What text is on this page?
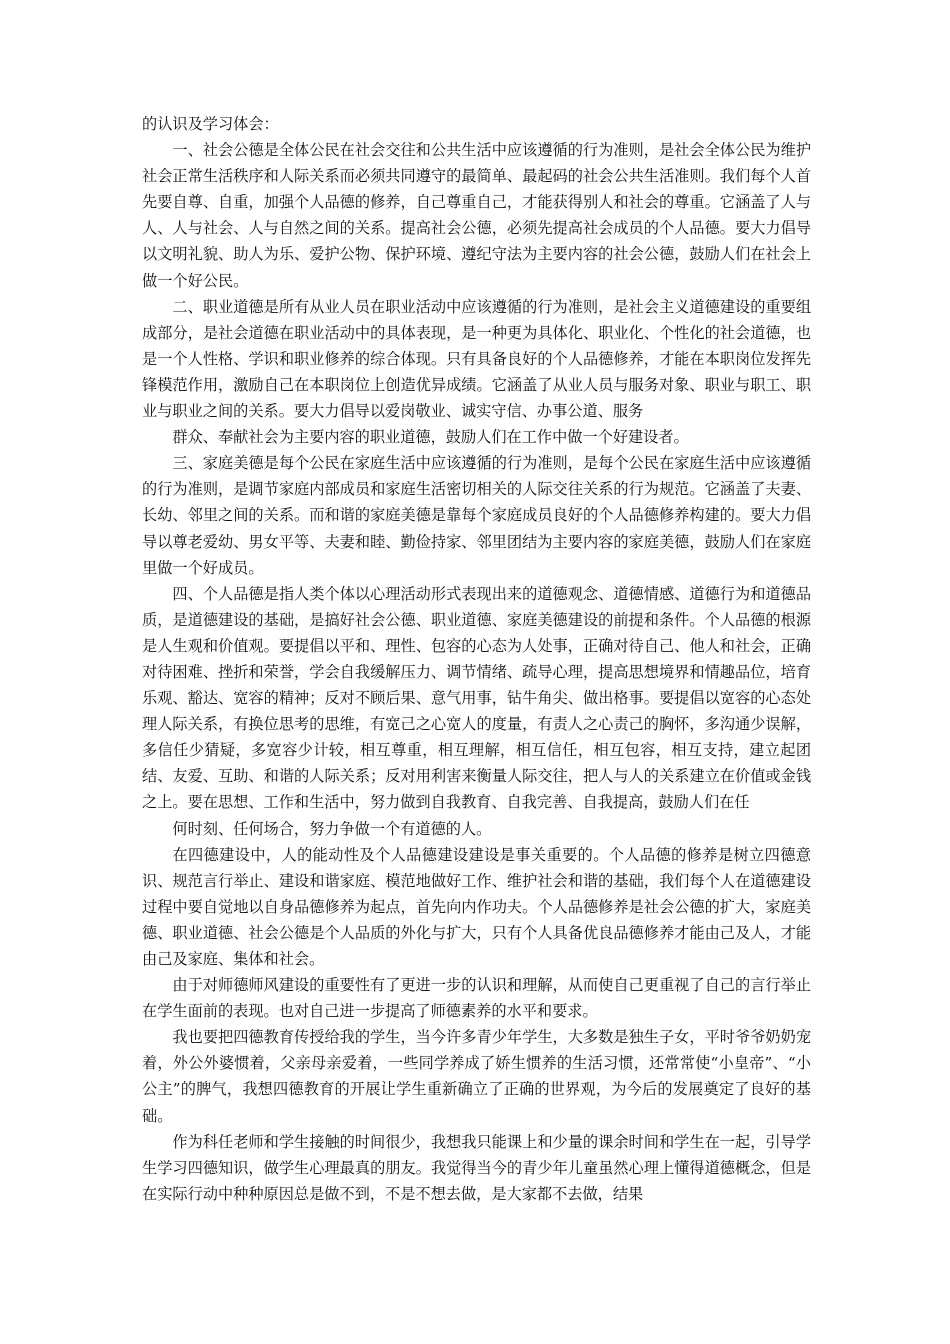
的认识及学习体会：

一、社会公德是全体公民在社会交往和公共生活中应该遵循的行为准则，是社会全体公民为维护社会正常生活秩序和人际关系而必须共同遵守的最简单、最起码的社会公共生活准则。我们每个人首先要自尊、自重，加强个人品德的修养，自己尊重自己，才能获得别人和社会的尊重。它涵盖了人与人、人与社会、人与自然之间的关系。提高社会公德，必须先提高社会成员的个人品德。要大力倡导以文明礼貌、助人为乐、爱护公物、保护环境、遵纪守法为主要内容的社会公德，鼓励人们在社会上做一个好公民。

二、职业道德是所有从业人员在职业活动中应该遵循的行为准则，是社会主义道德建设的重要组成部分，是社会道德在职业活动中的具体表现，是一种更为具体化、职业化、个性化的社会道德，也是一个人性格、学识和职业修养的综合体现。只有具备良好的个人品德修养，才能在本职岗位发挥先锋模范作用，激励自己在本职岗位上创造优异成绩。它涵盖了从业人员与服务对象、职业与职工、职业与职业之间的关系。要大力倡导以爱岗敬业、诚实守信、办事公道、服务

群众、奉献社会为主要内容的职业道德，鼓励人们在工作中做一个好建设者。

三、家庭美德是每个公民在家庭生活中应该遵循的行为准则，是每个公民在家庭生活中应该遵循的行为准则，是调节家庭内部成员和家庭生活密切相关的人际交往关系的行为规范。它涵盖了夫妻、长幼、邻里之间的关系。而和谐的家庭美德是靠每个家庭成员良好的个人品德修养构建的。要大力倡导以尊老爱幼、男女平等、夫妻和睦、勤俭持家、邻里团结为主要内容的家庭美德，鼓励人们在家庭里做一个好成员。

四、个人品德是指人类个体以心理活动形式表现出来的道德观念、道德情感、道德行为和道德品质，是道德建设的基础，是搞好社会公德、职业道德、家庭美德建设的前提和条件。个人品德的根源是人生观和价值观。要提倡以平和、理性、包容的心态为人处事，正确对待自己、他人和社会，正确对待困难、挫折和荣誉，学会自我缓解压力、调节情绪、疏导心理，提高思想境界和情趣品位，培育乐观、豁达、宽容的精神；反对不顾后果、意气用事，钻牛角尖、做出格事。要提倡以宽容的心态处理人际关系，有换位思考的思维，有宽己之心宽人的度量，有责人之心责己的胸怀，多沟通少误解，多信任少猜疑，多宽容少计较，相互尊重，相互理解，相互信任，相互包容，相互支持，建立起团结、友爱、互助、和谐的人际关系；反对用利害来衡量人际交往，把人与人的关系建立在价值或金钱之上。要在思想、工作和生活中，努力做到自我教育、自我完善、自我提高，鼓励人们在任

何时刻、任何场合，努力争做一个有道德的人。

在四德建设中，人的能动性及个人品德建设建设是事关重要的。个人品德的修养是树立四德意识、规范言行举止、建设和谐家庭、模范地做好工作、维护社会和谐的基础，我们每个人在道德建设过程中要自觉地以自身品德修养为起点，首先向内作功夫。个人品德修养是社会公德的扩大，家庭美德、职业道德、社会公德是个人品质的外化与扩大，只有个人具备优良品德修养才能由己及人，才能由己及家庭、集体和社会。

由于对师德师风建设的重要性有了更进一步的认识和理解，从而使自己更重视了自己的言行举止在学生面前的表现。也对自己进一步提高了师德素养的水平和要求。

我也要把四德教育传授给我的学生，当今许多青少年学生，大多数是独生子女，平时爷爷奶奶宠着，外公外婆惯着，父亲母亲爱着，一些同学养成了娇生惯养的生活习惯，还常常使“小皇帝”、“小公主”的脾气，我想四德教育的开展让学生重新确立了正确的世界观，为今后的发展奠定了良好的基础。

作为科任老师和学生接触的时间很少，我想我只能课上和少量的课余时间和学生在一起，引导学生学习四德知识，做学生心理最真的朋友。我觉得当今的青少年儿童虽然心理上懂得道德概念，但是在实际行动中种种原因总是做不到，不是不想去做，是大家都不去做，结果
